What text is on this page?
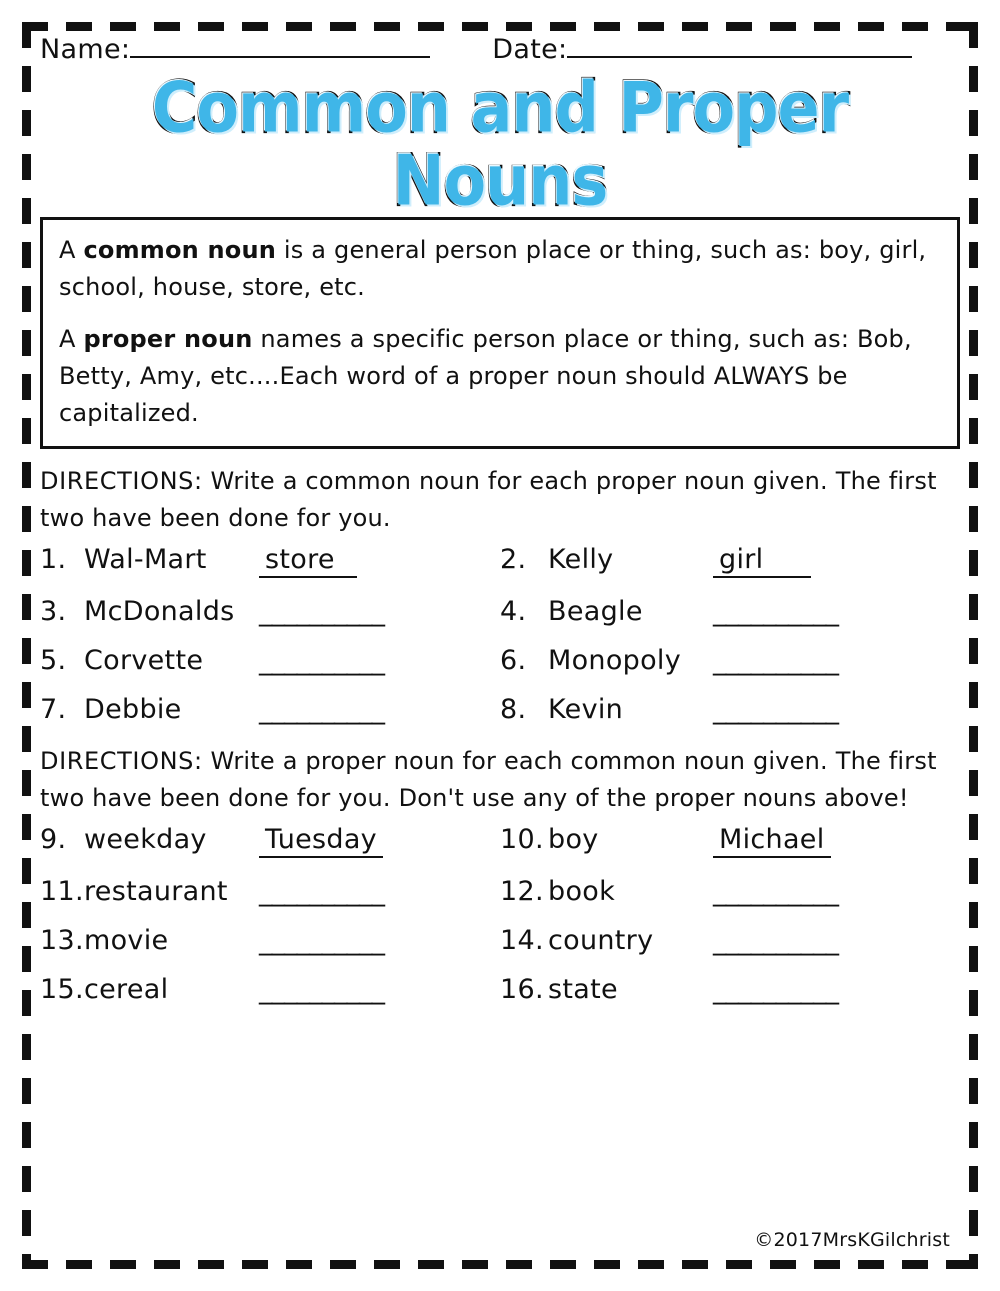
Name:	Date:
Common and Proper Nouns

A common noun is a general person place or thing, such as: boy, girl, school, house, store, etc.

A proper noun names a specific person place or thing, such as: Bob, Betty, Amy, etc....Each word of a proper noun should ALWAYS be capitalized.

DIRECTIONS: Write a common noun for each proper noun given. The first two have been done for you.
1. Wal-Mart	store	2. Kelly	girl
3. McDonalds __________	4. Beagle	__________
5. Corvette	__________	6. Monopoly	__________
7. Debbie	__________	8. Kevin	__________
DIRECTIONS: Write a proper noun for each common noun given. The first two have been done for you. Don't use any of the proper nouns above!
9. weekday	Tuesday	10. boy	Michael
11. restaurant	__________	12. book	__________
13. movie	__________	14. country	__________
15. cereal	__________	16. state	__________
©2017MrsKGilchrist
